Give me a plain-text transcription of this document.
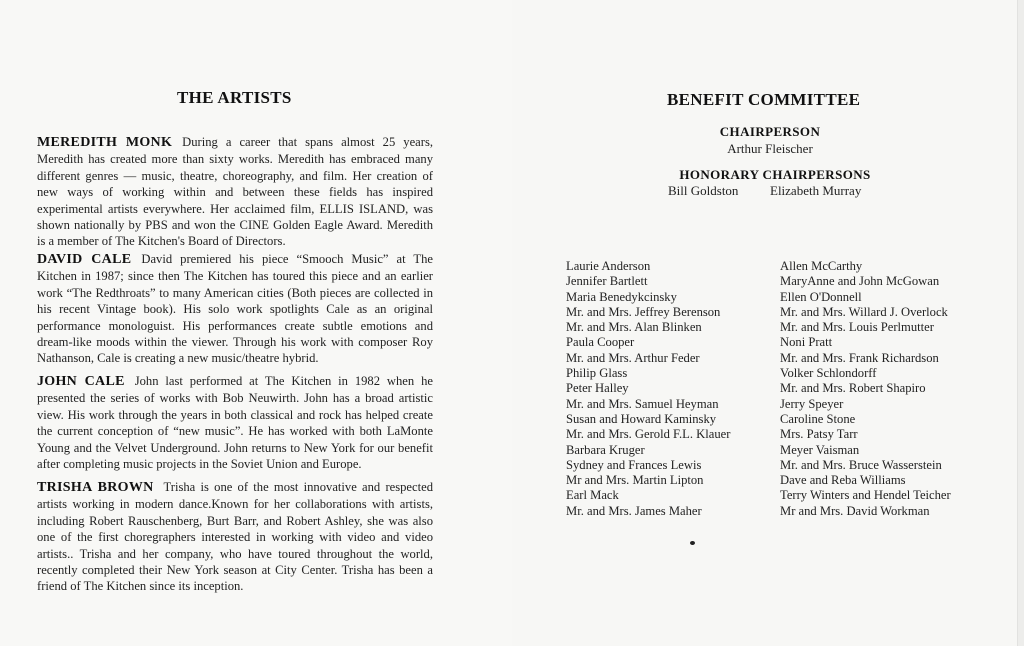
THE ARTISTS
MEREDITH MONK During a career that spans almost 25 years, Meredith has created more than sixty works. Meredith has embraced many different genres — music, theatre, choreography, and film. Her creation of new ways of working within and between these fields has inspired experimental artists everywhere. Her acclaimed film, ELLIS ISLAND, was shown nationally by PBS and won the CINE Golden Eagle Award. Meredith is a member of The Kitchen's Board of Directors.
DAVID CALE David premiered his piece “Smooch Music” at The Kitchen in 1987; since then The Kitchen has toured this piece and an earlier work “The Redthroats” to many American cities (Both pieces are collected in his recent Vintage book). His solo work spotlights Cale as an original performance monologuist. His performances create subtle emotions and dream-like moods within the viewer. Through his work with composer Roy Nathanson, Cale is creating a new music/theatre hybrid.
JOHN CALE John last performed at The Kitchen in 1982 when he presented the series of works with Bob Neuwirth. John has a broad artistic view. His work through the years in both classical and rock has helped create the current conception of “new music”. He has worked with both LaMonte Young and the Velvet Underground. John returns to New York for our benefit after completing music projects in the Soviet Union and Europe.
TRISHA BROWN Trisha is one of the most innovative and respected artists working in modern dance.Known for her collaborations with artists, including Robert Rauschenberg, Burt Barr, and Robert Ashley, she was also one of the first choregraphers interested in working with video and video artists.. Trisha and her company, who have toured throughout the world, recently completed their New York season at City Center. Trisha has been a friend of The Kitchen since its inception.
BENEFIT COMMITTEE
CHAIRPERSON
Arthur Fleischer
HONORARY CHAIRPERSONS
Bill Goldston Elizabeth Murray
Laurie Anderson
Jennifer Bartlett
Maria Benedykcinsky
Mr. and Mrs. Jeffrey Berenson
Mr. and Mrs. Alan Blinken
Paula Cooper
Mr. and Mrs. Arthur Feder
Philip Glass
Peter Halley
Mr. and Mrs. Samuel Heyman
Susan and Howard Kaminsky
Mr. and Mrs. Gerold F.L. Klauer
Barbara Kruger
Sydney and Frances Lewis
Mr and Mrs. Martin Lipton
Earl Mack
Mr. and Mrs. James Maher
Allen McCarthy
MaryAnne and John McGowan
Ellen O'Donnell
Mr. and Mrs. Willard J. Overlock
Mr. and Mrs. Louis Perlmutter
Noni Pratt
Mr. and Mrs. Frank Richardson
Volker Schlondorff
Mr. and Mrs. Robert Shapiro
Jerry Speyer
Caroline Stone
Mrs. Patsy Tarr
Meyer Vaisman
Mr. and Mrs. Bruce Wasserstein
Dave and Reba Williams
Terry Winters and Hendel Teicher
Mr and Mrs. David Workman
